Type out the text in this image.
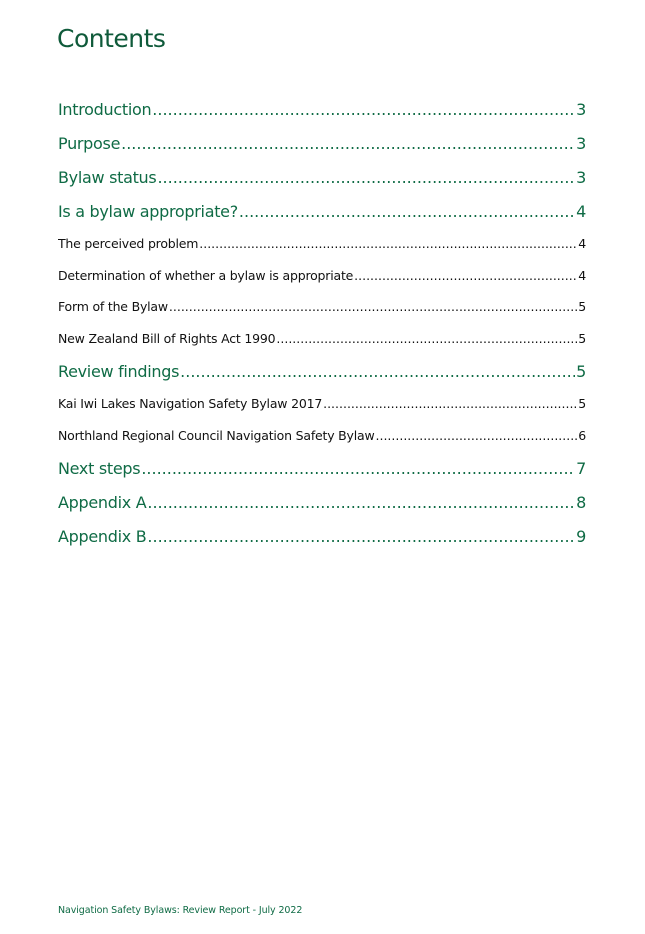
Contents
Introduction .....	3
Purpose .....	3
Bylaw status .....	3
Is a bylaw appropriate? .....	4
The perceived problem .....	4
Determination of whether a bylaw is appropriate .....	4
Form of the Bylaw .....	5
New Zealand Bill of Rights Act 1990 .....	5
Review findings .....	5
Kai Iwi Lakes Navigation Safety Bylaw 2017 .....	5
Northland Regional Council Navigation Safety Bylaw .....	6
Next steps .....	7
Appendix A .....	8
Appendix B .....	9
Navigation Safety Bylaws: Review Report - July 2022
